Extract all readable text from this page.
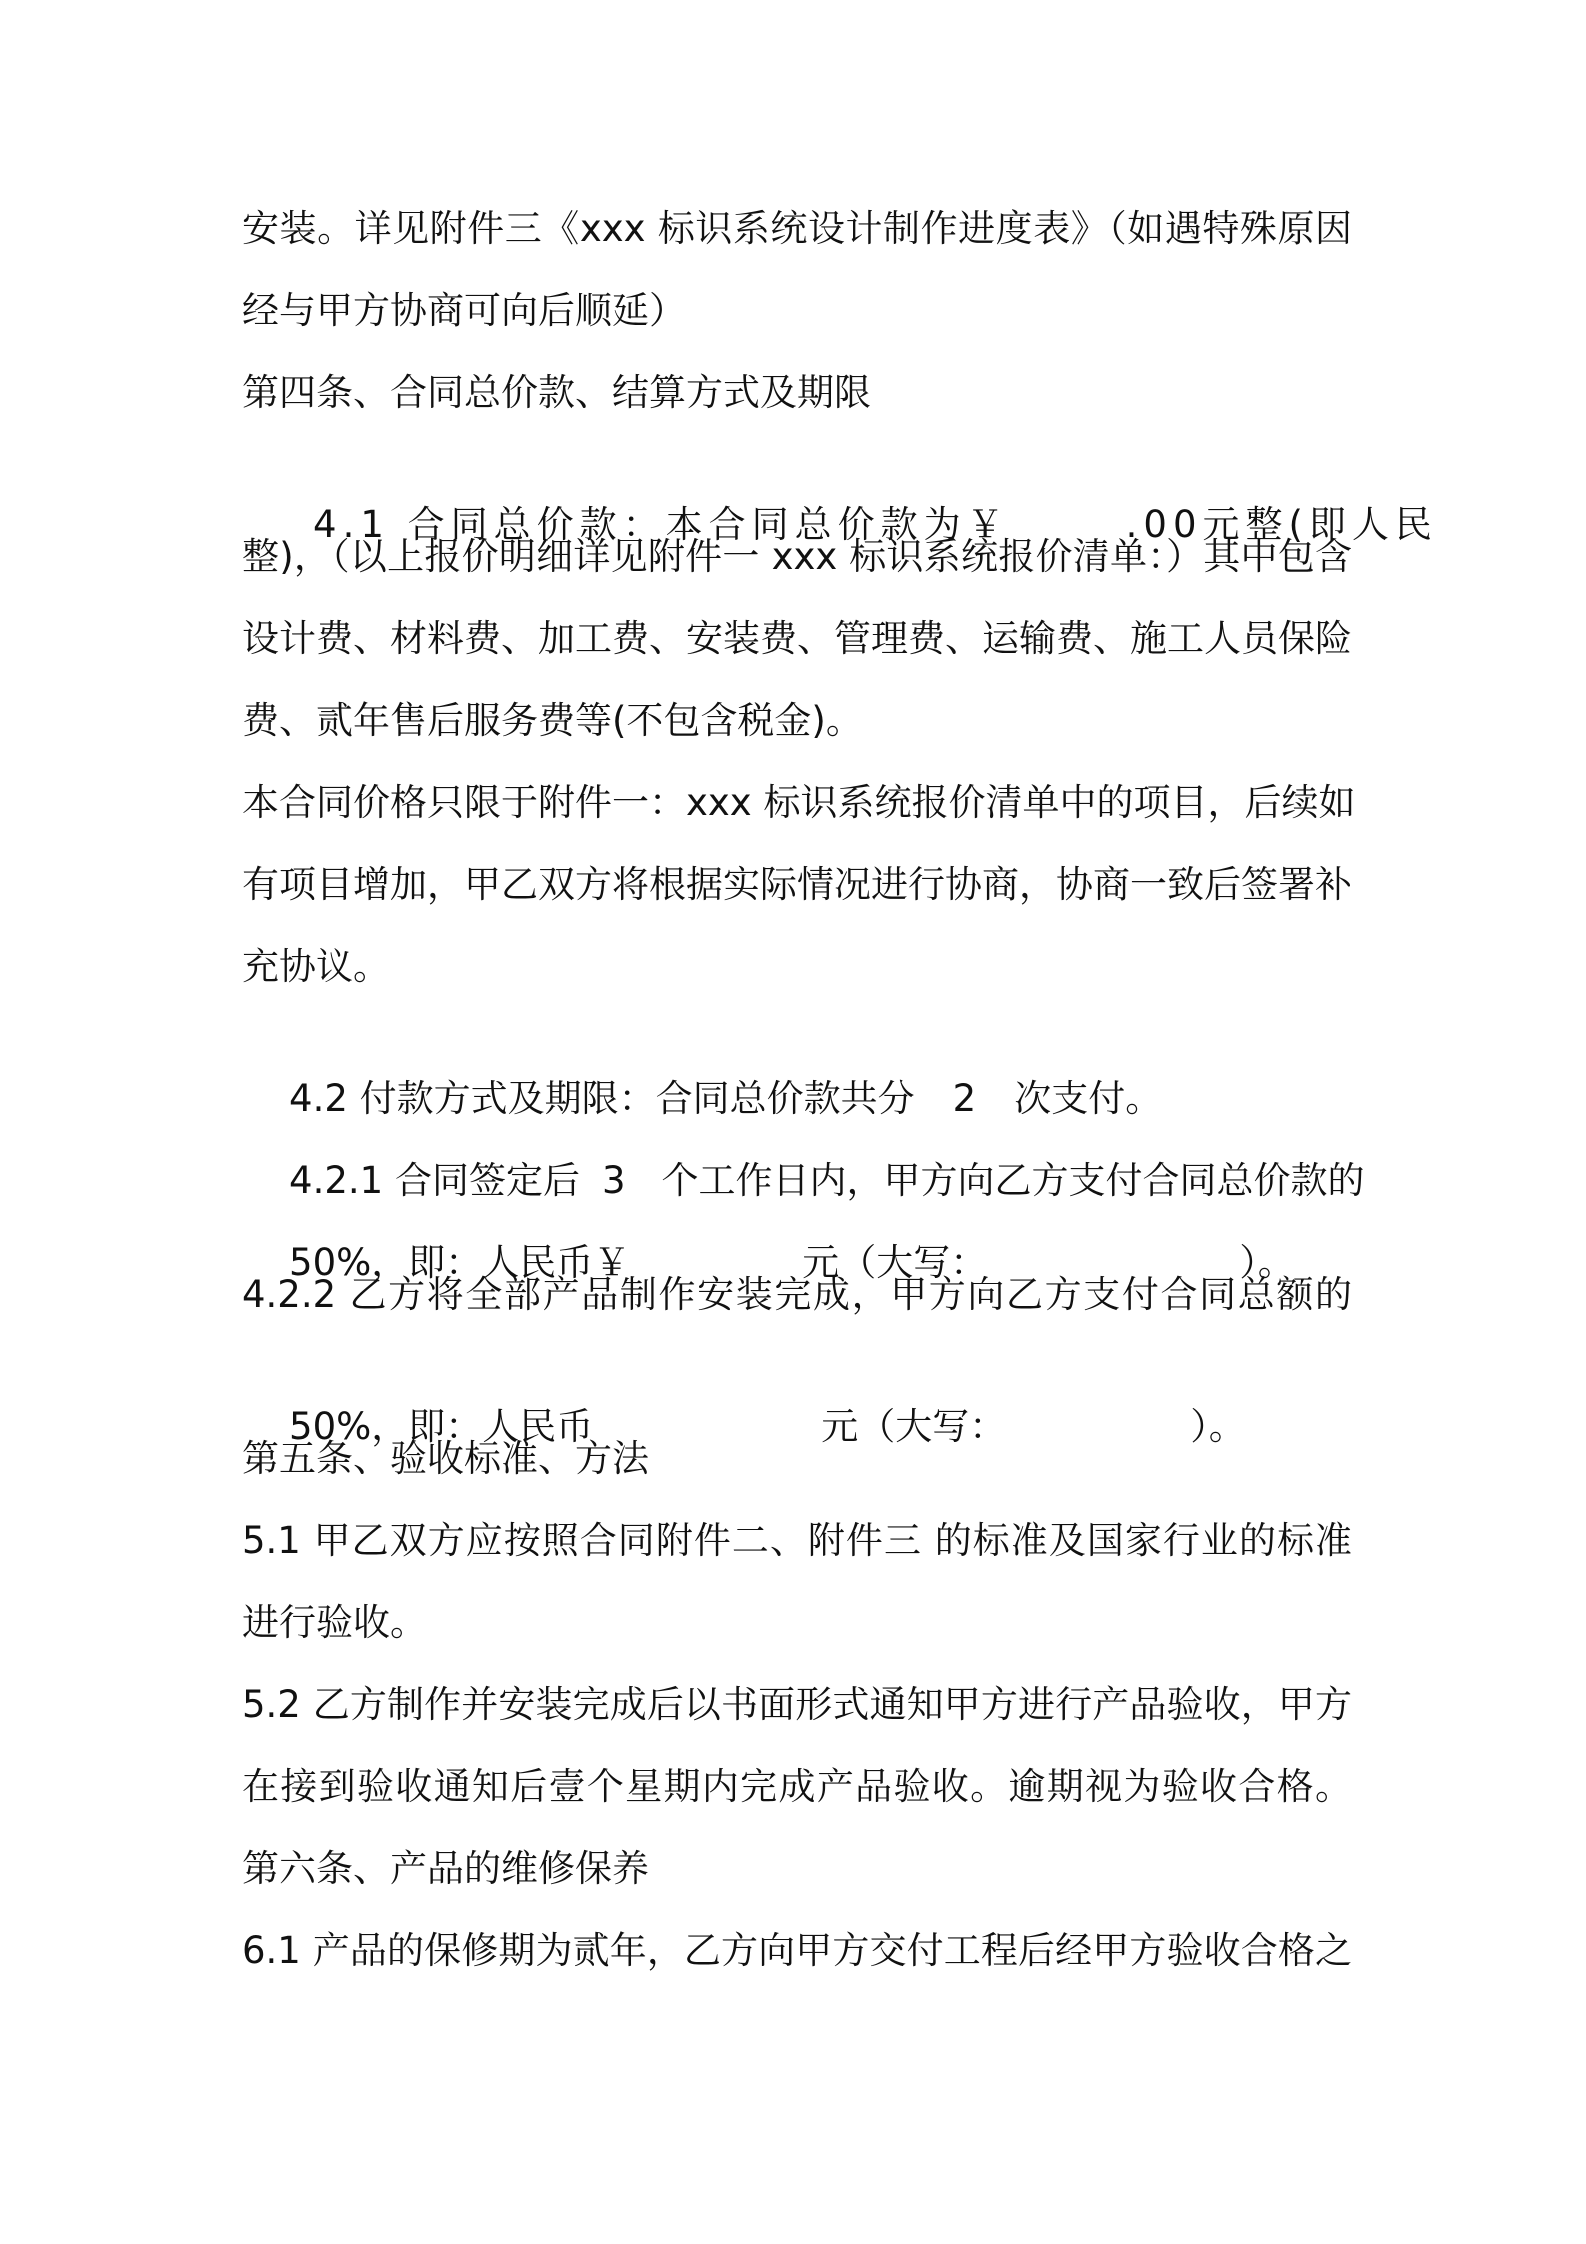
安装。详见附件三《xxx 标识系统设计制作进度表》（如遇特殊原因
经与甲方协商可向后顺延）
第四条、合同总价款、结算方式及期限

4.1 合同总价款：本合同总价款为￥	.00元整(即人民

整)，（以上报价明细详见附件一 xxx 标识系统报价清单：）其中包含
设计费、材料费、加工费、安装费、管理费、运输费、施工人员保险
费、贰年售后服务费等(不包含税金)。
本合同价格只限于附件一：xxx 标识系统报价清单中的项目，后续如
有项目增加，甲乙双方将根据实际情况进行协商，协商一致后签署补
充协议。

4.2 付款方式及期限：合同总价款共分 2 次支付。

4.2.1 合同签定后 3 个工作日内，甲方向乙方支付合同总价款的

50%，即：人民币￥	元（大写：	）。

4.2.2 乙方将全部产品制作安装完成，甲方向乙方支付合同总额的

50%，即：人民币	元（大写：	）。

第五条、验收标准、方法
5.1 甲乙双方应按照合同附件二、附件三 的标准及国家行业的标准
进行验收。
5.2 乙方制作并安装完成后以书面形式通知甲方进行产品验收，甲方
在接到验收通知后壹个星期内完成产品验收。逾期视为验收合格。
第六条、产品的维修保养
6.1 产品的保修期为贰年，乙方向甲方交付工程后经甲方验收合格之
